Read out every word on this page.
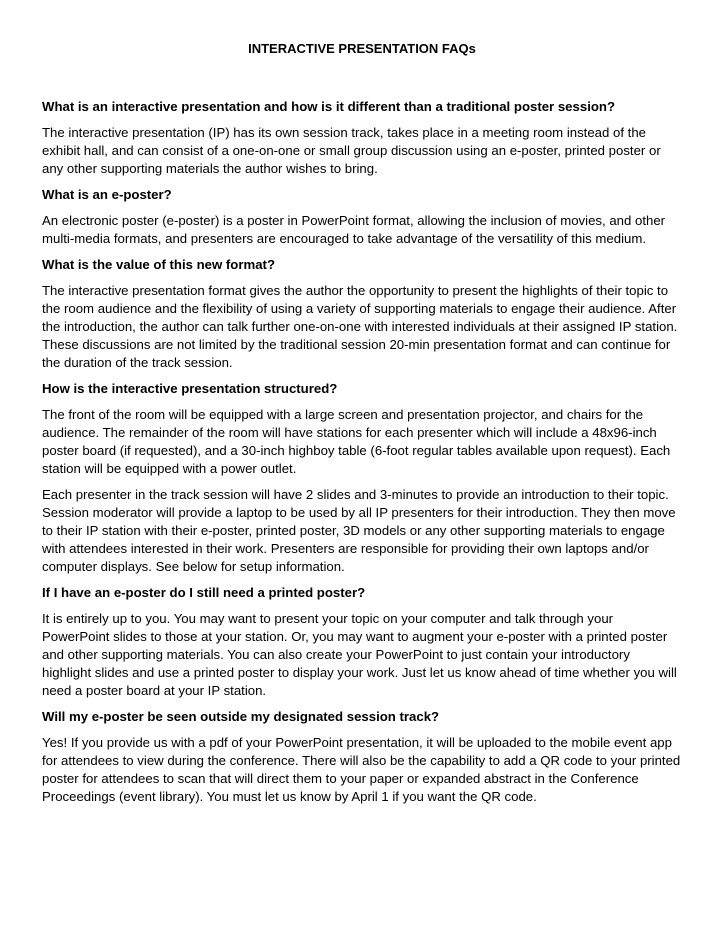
INTERACTIVE PRESENTATION FAQs

What is an interactive presentation and how is it different than a traditional poster session?

The interactive presentation (IP) has its own session track, takes place in a meeting room instead of the exhibit hall, and can consist of a one-on-one or small group discussion using an e-poster, printed poster or any other supporting materials the author wishes to bring.

What is an e-poster?

An electronic poster (e-poster) is a poster in PowerPoint format, allowing the inclusion of movies, and other multi-media formats, and presenters are encouraged to take advantage of the versatility of this medium.

What is the value of this new format?

The interactive presentation format gives the author the opportunity to present the highlights of their topic to the room audience and the flexibility of using a variety of supporting materials to engage their audience. After the introduction, the author can talk further one-on-one with interested individuals at their assigned IP station. These discussions are not limited by the traditional session 20-min presentation format and can continue for the duration of the track session.

How is the interactive presentation structured?

The front of the room will be equipped with a large screen and presentation projector, and chairs for the audience. The remainder of the room will have stations for each presenter which will include a 48x96-inch poster board (if requested), and a 30-inch highboy table (6-foot regular tables available upon request). Each station will be equipped with a power outlet.

Each presenter in the track session will have 2 slides and 3-minutes to provide an introduction to their topic. Session moderator will provide a laptop to be used by all IP presenters for their introduction. They then move to their IP station with their e-poster, printed poster, 3D models or any other supporting materials to engage with attendees interested in their work. Presenters are responsible for providing their own laptops and/or computer displays. See below for setup information.

If I have an e-poster do I still need a printed poster?

It is entirely up to you. You may want to present your topic on your computer and talk through your PowerPoint slides to those at your station. Or, you may want to augment your e-poster with a printed poster and other supporting materials. You can also create your PowerPoint to just contain your introductory highlight slides and use a printed poster to display your work. Just let us know ahead of time whether you will need a poster board at your IP station.

Will my e-poster be seen outside my designated session track?

Yes! If you provide us with a pdf of your PowerPoint presentation, it will be uploaded to the mobile event app for attendees to view during the conference. There will also be the capability to add a QR code to your printed poster for attendees to scan that will direct them to your paper or expanded abstract in the Conference Proceedings (event library). You must let us know by April 1 if you want the QR code.
